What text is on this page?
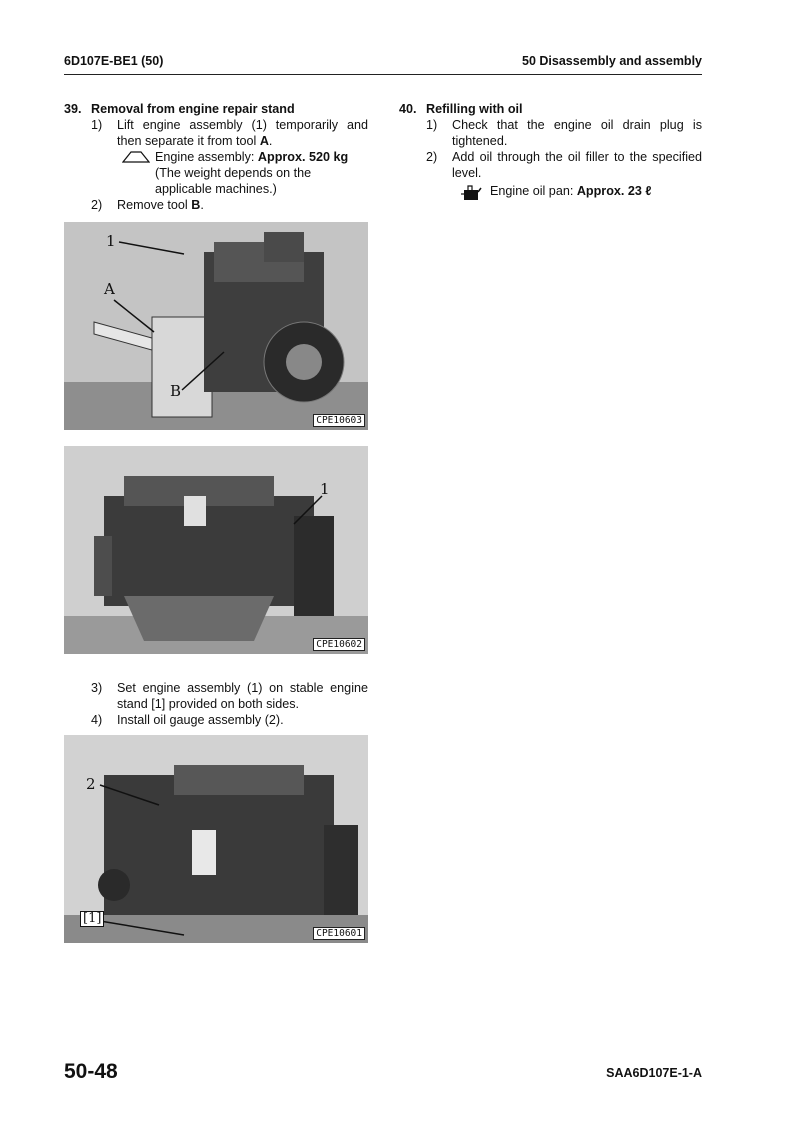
6D107E-BE1 (50)	50 Disassembly and assembly
39. Removal from engine repair stand
1)	Lift engine assembly (1) temporarily and then separate it from tool A.
Engine assembly: Approx. 520 kg
(The weight depends on the applicable machines.)
2)	Remove tool B.
1
A
B
CPE10603
1
CPE10602
3)	Set engine assembly (1) on stable engine stand [1] provided on both sides.
4)	Install oil gauge assembly (2).
2
[1]
CPE10601
40. Refilling with oil
1)	Check that the engine oil drain plug is tightened.
2)	Add oil through the oil filler to the specified level.
Engine oil pan: Approx. 23 ℓ
50-48	SAA6D107E-1-A
